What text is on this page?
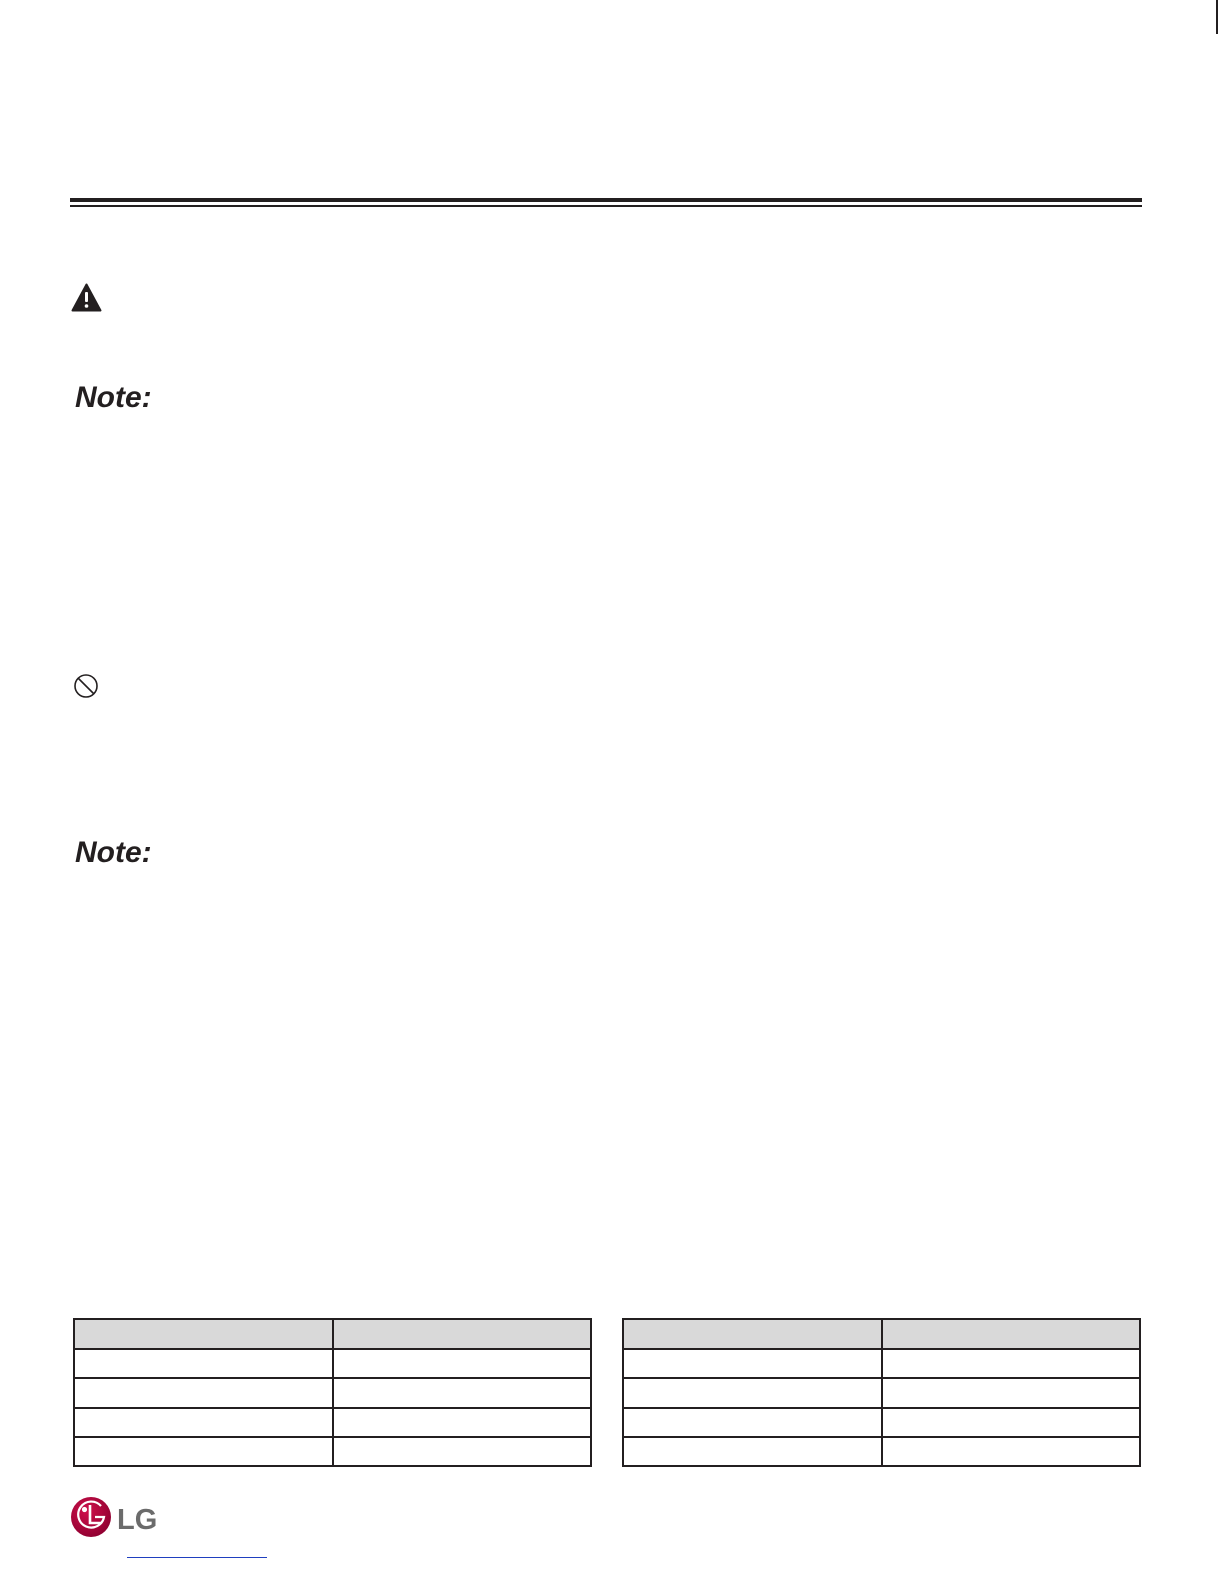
Note:

Note:

LG
